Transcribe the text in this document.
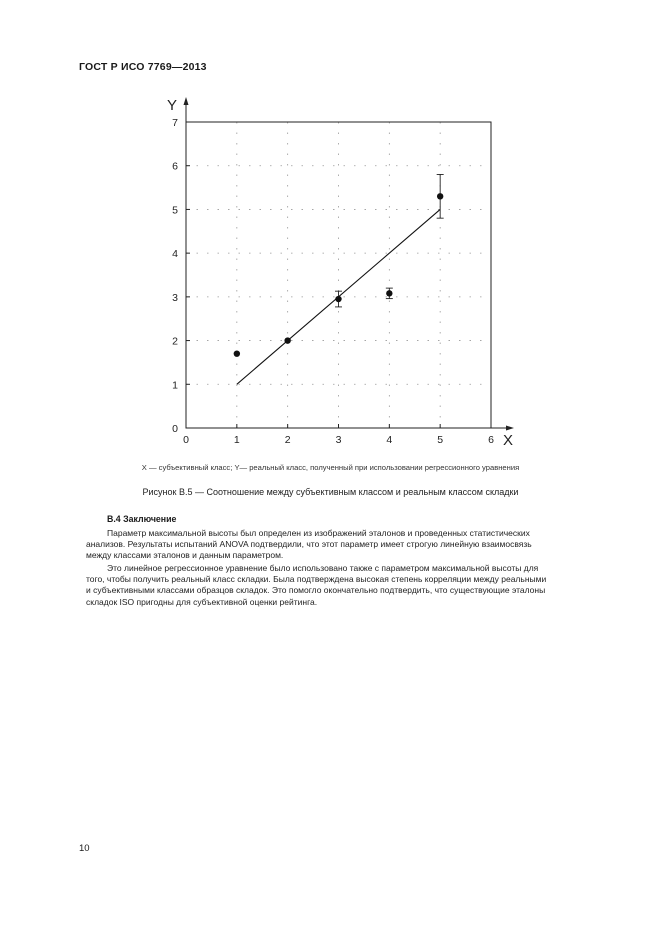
ГОСТ Р ИСО 7769—2013
Y
X
0	1	2	3	4	5	6
0
1
2
3
4
5
6
7
X — субъективный класс; Y— реальный класс, полученный при использовании регрессионного уравнения
Рисунок В.5 — Соотношение между субъективным классом и реальным классом складки
В.4 Заключение
Параметр максимальной высоты был определен из изображений эталонов и проведенных статистических
анализов. Результаты испытаний ANOVA подтвердили, что этот параметр имеет строгую линейную взаимосвязь
между классами эталонов и данным параметром.
Это линейное регрессионное уравнение было использовано также с параметром максимальной высоты для
того, чтобы получить реальный класс складки. Была подтверждена высокая степень корреляции между реальными
и субъективными классами образцов складок. Это помогло окончательно подтвердить, что существующие эталоны
складок ISO пригодны для субъективной оценки рейтинга.
10
